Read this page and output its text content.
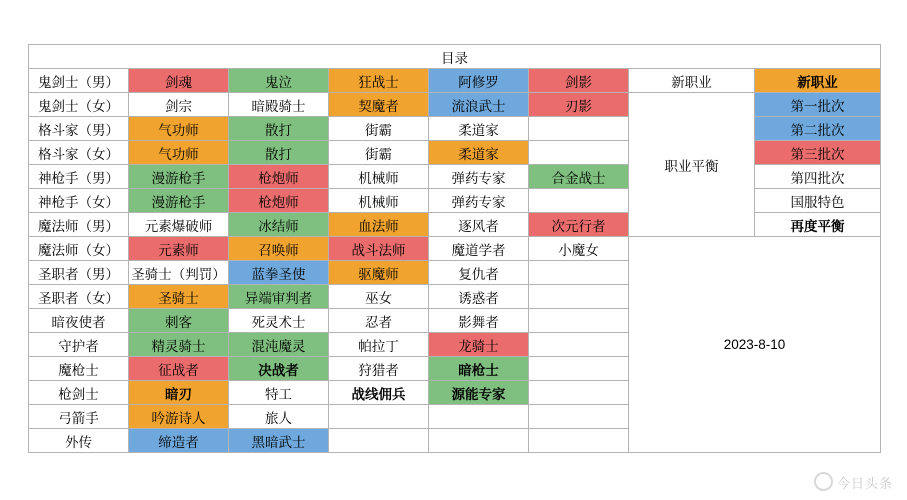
目录							
鬼剑士（男）	剑魂	鬼泣	狂战士	阿修罗	剑影	新职业	新职业
鬼剑士（女）	剑宗	暗殿骑士	契魔者	流浪武士	刃影	职业平衡	第一批次
格斗家（男）	气功师	散打	街霸	柔道家			第二批次
格斗家（女）	气功师	散打	街霸	柔道家			第三批次
神枪手（男）	漫游枪手	枪炮师	机械师	弹药专家	合金战士		第四批次
神枪手（女）	漫游枪手	枪炮师	机械师	弹药专家			国服特色
魔法师（男）	元素爆破师	冰结师	血法师	逐风者	次元行者		再度平衡
魔法师（女）	元素师	召唤师	战斗法师	魔道学者	小魔女	2023-8-10	
圣职者（男）	圣骑士（判罚）	蓝拳圣使	驱魔师	复仇者			
圣职者（女）	圣骑士	异端审判者	巫女	诱惑者			
暗夜使者	刺客	死灵术士	忍者	影舞者			
守护者	精灵骑士	混沌魔灵	帕拉丁	龙骑士			
魔枪士	征战者	决战者	狩猎者	暗枪士			
枪剑士	暗刃	特工	战线佣兵	源能专家			
弓箭手	吟游诗人	旅人					
外传	缔造者	黑暗武士					
今日头条
